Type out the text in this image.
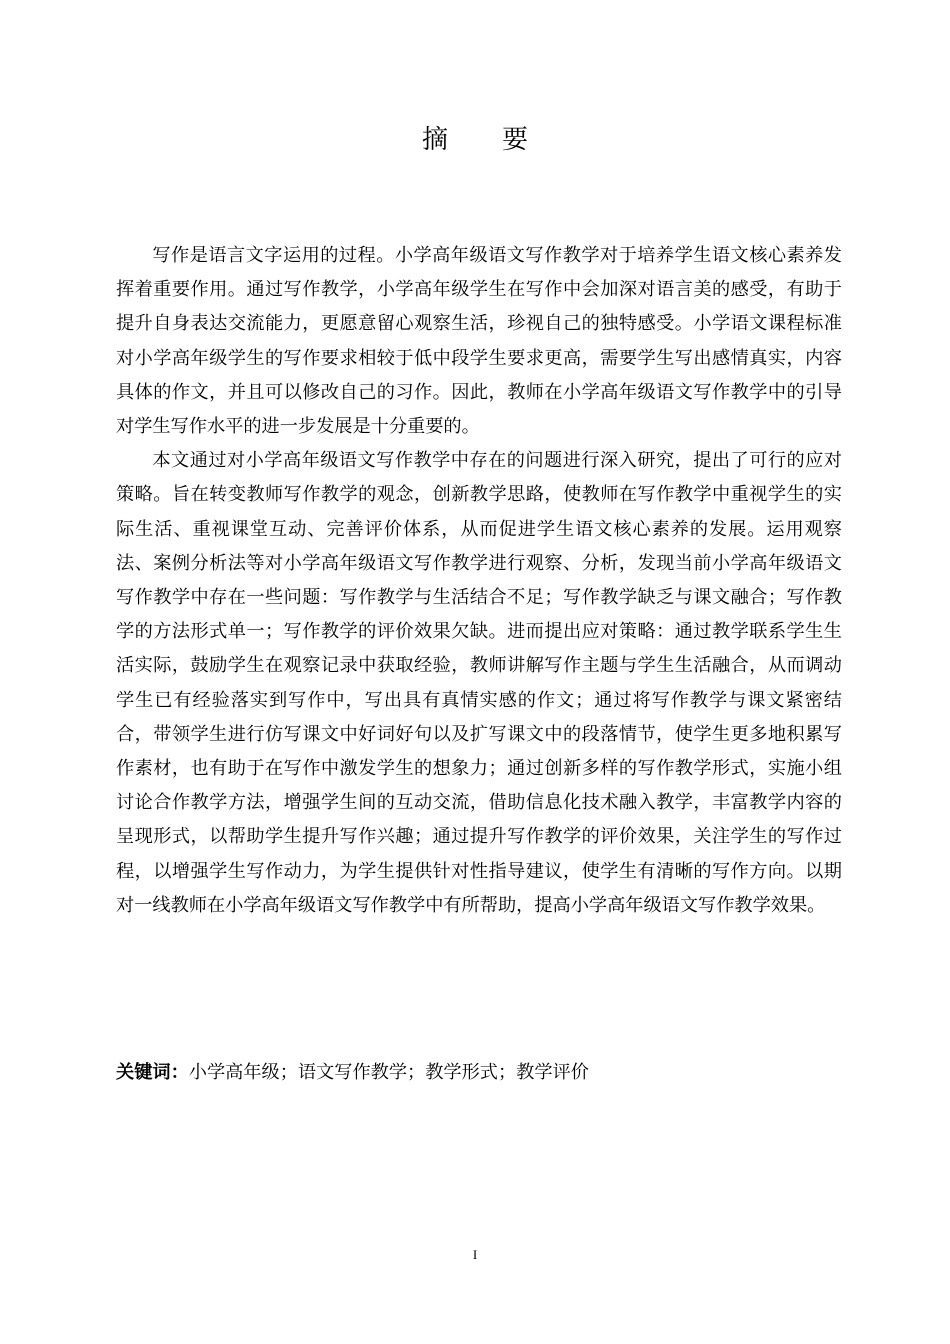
摘　要

写作是语言文字运用的过程。小学高年级语文写作教学对于培养学生语文核心素养发挥着重要作用。通过写作教学，小学高年级学生在写作中会加深对语言美的感受，有助于提升自身表达交流能力，更愿意留心观察生活，珍视自己的独特感受。小学语文课程标准对小学高年级学生的写作要求相较于低中段学生要求更高，需要学生写出感情真实，内容具体的作文，并且可以修改自己的习作。因此，教师在小学高年级语文写作教学中的引导对学生写作水平的进一步发展是十分重要的。

本文通过对小学高年级语文写作教学中存在的问题进行深入研究，提出了可行的应对策略。旨在转变教师写作教学的观念，创新教学思路，使教师在写作教学中重视学生的实际生活、重视课堂互动、完善评价体系，从而促进学生语文核心素养的发展。运用观察法、案例分析法等对小学高年级语文写作教学进行观察、分析，发现当前小学高年级语文写作教学中存在一些问题：写作教学与生活结合不足；写作教学缺乏与课文融合；写作教学的方法形式单一；写作教学的评价效果欠缺。进而提出应对策略：通过教学联系学生生活实际，鼓励学生在观察记录中获取经验，教师讲解写作主题与学生生活融合，从而调动学生已有经验落实到写作中，写出具有真情实感的作文；通过将写作教学与课文紧密结合，带领学生进行仿写课文中好词好句以及扩写课文中的段落情节，使学生更多地积累写作素材，也有助于在写作中激发学生的想象力；通过创新多样的写作教学形式，实施小组讨论合作教学方法，增强学生间的互动交流，借助信息化技术融入教学，丰富教学内容的呈现形式，以帮助学生提升写作兴趣；通过提升写作教学的评价效果，关注学生的写作过程，以增强学生写作动力，为学生提供针对性指导建议，使学生有清晰的写作方向。以期对一线教师在小学高年级语文写作教学中有所帮助，提高小学高年级语文写作教学效果。

关键词：小学高年级；语文写作教学；教学形式；教学评价

I
